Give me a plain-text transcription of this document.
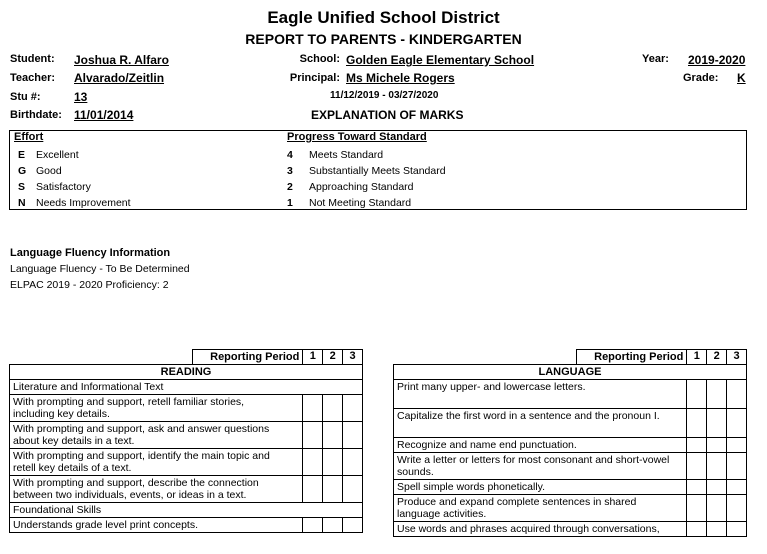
Eagle Unified School District
REPORT TO PARENTS - KINDERGARTEN
Student: Joshua R. Alfaro
Teacher: Alvarado/Zeitlin
Stu #:	13
Birthdate: 11/01/2014
School: Golden Eagle Elementary School
Principal: Ms Michele Rogers
11/12/2019 - 03/27/2020
EXPLANATION OF MARKS
Year: 2019-2020
Grade: K
Effort
E Excellent
G Good
S Satisfactory
N Needs Improvement
Progress Toward Standard
4 Meets Standard
3 Substantially Meets Standard
2 Approaching Standard
1 Not Meeting Standard
Language Fluency Information
Language Fluency - To Be Determined
ELPAC 2019 - 2020 Proficiency: 2
	Reporting Period	1	2	3
READING				
Literature and Informational Text				
With prompting and support, retell familiar stories,
including key details.				
With prompting and support, ask and answer questions
about key details in a text.				
With prompting and support, identify the main topic and
retell key details of a text.				
With prompting and support, describe the connection
between two individuals, events, or ideas in a text.				
Foundational Skills				
Understands grade level print concepts.				
	Reporting Period	1	2	3
LANGUAGE				
Print many upper- and lowercase letters.				
Capitalize the first word in a sentence and the pronoun I.				
Recognize and name end punctuation.				
Write a letter or letters for most consonant and short-vowel
sounds.				
Spell simple words phonetically.				
Produce and expand complete sentences in shared
language activities.				
Use words and phrases acquired through conversations,				
